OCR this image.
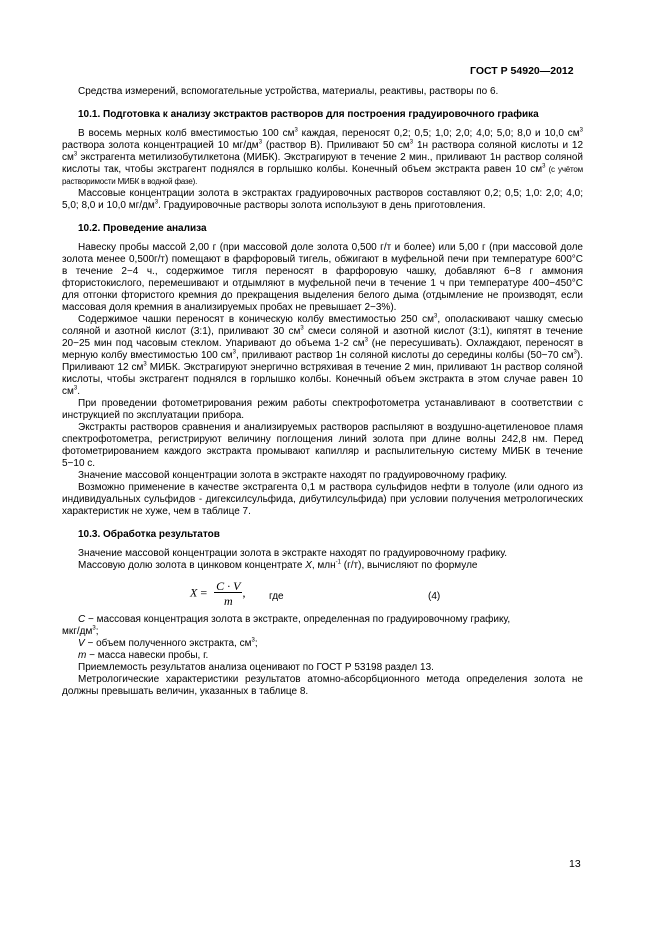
ГОСТ Р 54920—2012

Средства измерений, вспомогательные устройства, материалы, реактивы, растворы по 6.

10.1. Подготовка к анализу экстрактов растворов для построения градуировочного графика

В восемь мерных колб вместимостью 100 $см^3$ каждая, переносят 0,2; 0,5; 1,0; 2,0; 4,0; 5,0; 8,0 и 10,0 $см^3$ раствора золота концентрацией 10 $мг/дм^3$ (раствор В). Приливают 50 $см^3$ 1н раствора соляной кислоты и 12 $см^3$ экстрагента метилизобутилкетона (МИБК). Экстрагируют в течение 2 мин., приливают 1н раствор соляной кислоты так, чтобы экстрагент поднялся в горлышко колбы. Конечный объем экстракта равен 10 $см^3$ (с учётом растворимости МИБК в водной фазе).

Массовые концентрации золота в экстрактах градуировочных растворов составляют 0,2; 0,5; 1,0: 2,0; 4,0; 5,0; 8,0 и 10,0 $мг/дм^3$. Градуировочные растворы золота используют в день приготовления.

10.2. Проведение анализа

Навеску пробы массой 2,00 г (при массовой доле золота 0,500 г/т и более) или 5,00 г (при массовой доле золота менее 0,500г/т) помещают в фарфоровый тигель, обжигают в муфельной печи при температуре 600°С в течение 2−4 ч., содержимое тигля переносят в фарфоровую чашку, добавляют 6−8 г аммония фтористокислого, перемешивают и отдымляют в муфельной печи в течение 1 ч при температуре 400−450°С для отгонки фтористого кремния до прекращения выделения белого дыма (отдымление не производят, если массовая доля кремния в анализируемых пробах не превышает 2−3%).

Содержимое чашки переносят в коническую колбу вместимостью 250 $см^3$, ополаскивают чашку смесью соляной и азотной кислот (3:1), приливают 30 $см^3$ смеси соляной и азотной кислот (3:1), кипятят в течение 20−25 мин под часовым стеклом. Упаривают до объема 1-2 $см^3$ (не пересушивать). Охлаждают, переносят в мерную колбу вместимостью 100 $см^3$, приливают раствор 1н соляной кислоты до середины колбы (50−70 $см^3$). Приливают 12 $см^3$ МИБК. Экстрагируют энергично встряхивая в течение 2 мин, приливают 1н раствор соляной кислоты, чтобы экстрагент поднялся в горлышко колбы. Конечный объем экстракта в этом случае равен 10 $см^3$.

При проведении фотометрирования режим работы спектрофотометра устанавливают в соответствии с инструкцией по эксплуатации прибора.

Экстракты растворов сравнения и анализируемых растворов распыляют в воздушно-ацетиленовое пламя спектрофотометра, регистрируют величину поглощения линий золота при длине волны 242,8 нм. Перед фотометрированием каждого экстракта промывают капилляр и распылительную систему МИБК в течение 5−10 с.

Значение массовой концентрации золота в экстракте находят по градуировочному графику.

Возможно применение в качестве экстрагента 0,1 м раствора сульфидов нефти в толуоле (или одного из индивидуальных сульфидов - дигексилсульфида, дибутилсульфида) при условии получения метрологических характеристик не хуже, чем в таблице 7.

10.3. Обработка результатов

Значение массовой концентрации золота в экстракте находят по градуировочному графику.

Массовую долю золота в цинковом концентрате X, млн$^{-1}$ (г/т), вычисляют по формуле

$X = \frac{C \cdot V}{m}$ , где	(4)

C − массовая концентрация золота в экстракте, определенная по градуировочному графику,

мкг/$дм^3$;

V − объем полученного экстракта, $см^3$;

m − масса навески пробы, г.

Приемлемость результатов анализа оценивают по ГОСТ Р 53198 раздел 13.

Метрологические характеристики результатов атомно-абсорбционного метода определения золота не должны превышать величин, указанных в таблице 8.

13
